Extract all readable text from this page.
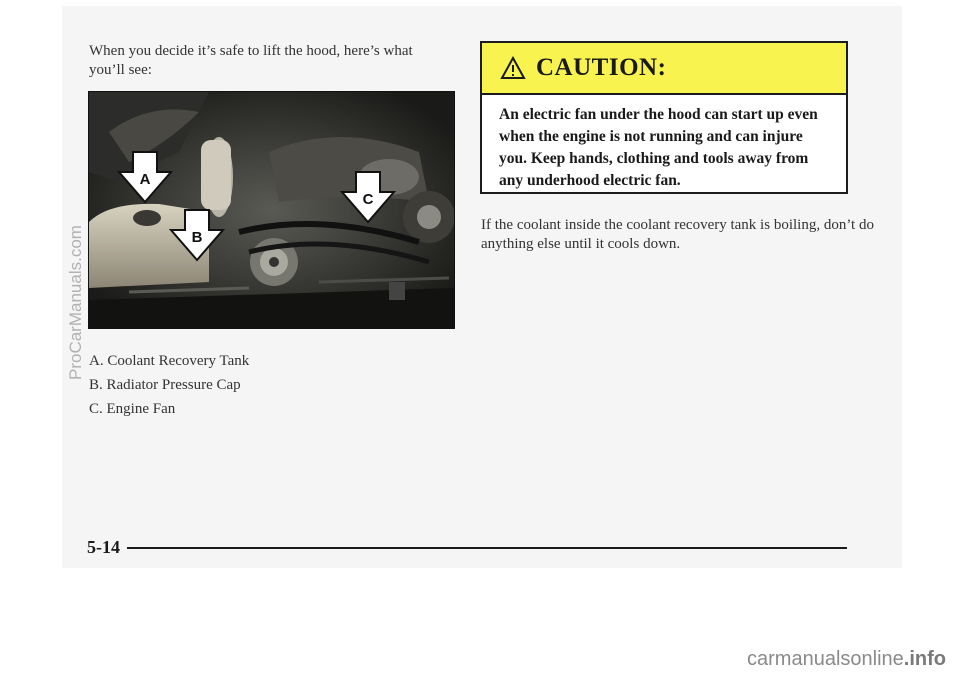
When you decide it’s safe to lift the hood, here’s what you’ll see:
A
B
C
A. Coolant Recovery Tank
B. Radiator Pressure Cap
C. Engine Fan
CAUTION:
An electric fan under the hood can start up even when the engine is not running and can injure you. Keep hands, clothing and tools away from any underhood electric fan.
If the coolant inside the coolant recovery tank is boiling, don’t do anything else until it cools down.
5-14
ProCarManuals.com
carmanualsonline.info
